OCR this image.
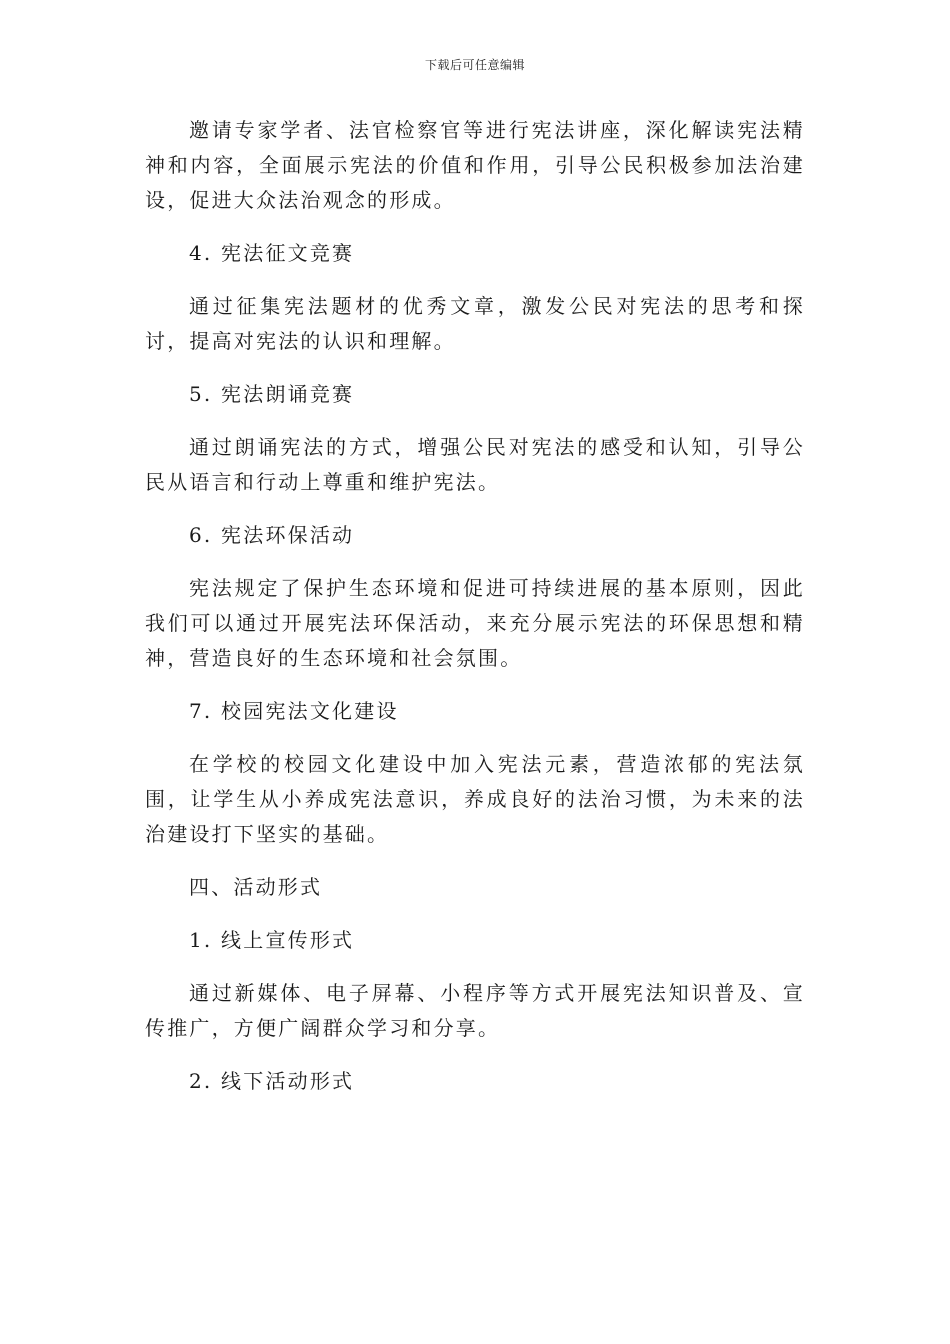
下载后可任意编辑

邀请专家学者、法官检察官等进行宪法讲座，深化解读宪法精神和内容，全面展示宪法的价值和作用，引导公民积极参加法治建设，促进大众法治观念的形成。

4. 宪法征文竞赛

通过征集宪法题材的优秀文章，激发公民对宪法的思考和探讨，提高对宪法的认识和理解。

5. 宪法朗诵竞赛

通过朗诵宪法的方式，增强公民对宪法的感受和认知，引导公民从语言和行动上尊重和维护宪法。

6. 宪法环保活动

宪法规定了保护生态环境和促进可持续进展的基本原则，因此我们可以通过开展宪法环保活动，来充分展示宪法的环保思想和精神，营造良好的生态环境和社会氛围。

7. 校园宪法文化建设

在学校的校园文化建设中加入宪法元素，营造浓郁的宪法氛围，让学生从小养成宪法意识，养成良好的法治习惯，为未来的法治建设打下坚实的基础。

四、活动形式

1. 线上宣传形式

通过新媒体、电子屏幕、小程序等方式开展宪法知识普及、宣传推广，方便广阔群众学习和分享。

2. 线下活动形式
